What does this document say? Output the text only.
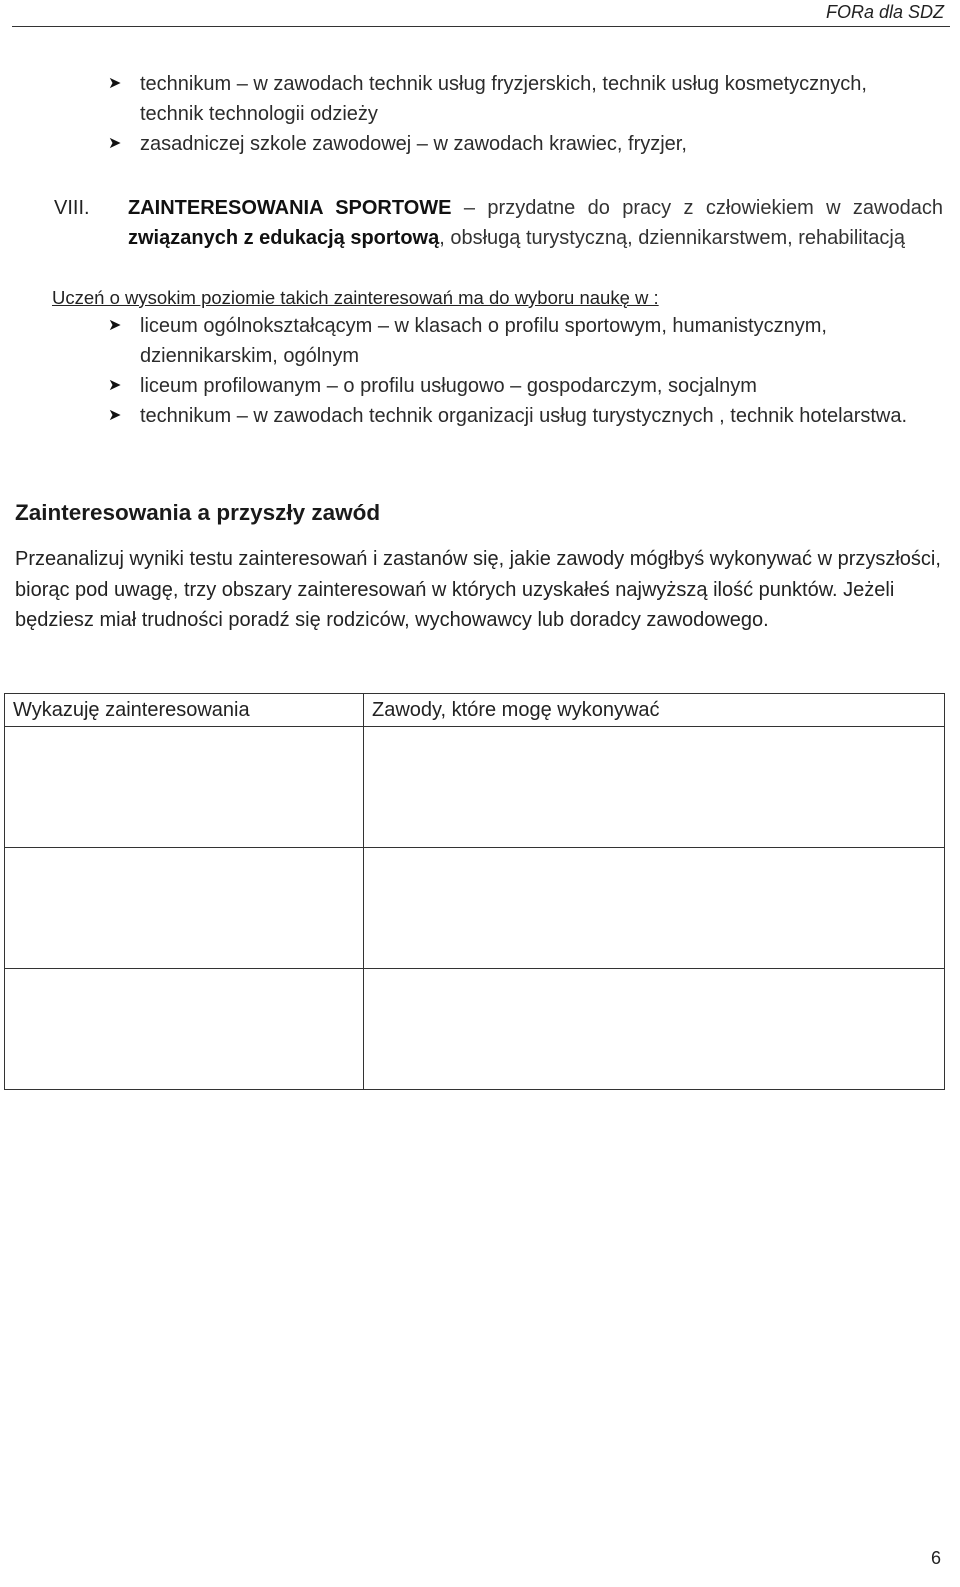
FORa dla SDZ
➤ technikum – w zawodach technik usług fryzjerskich, technik usług kosmetycznych, technik technologii odzieży
➤ zasadniczej szkole zawodowej – w zawodach krawiec, fryzjer,
VIII. ZAINTERESOWANIA SPORTOWE – przydatne do pracy z człowiekiem w zawodach związanych z edukacją sportową, obsługą turystyczną, dziennikarstwem, rehabilitacją
Uczeń o wysokim poziomie takich zainteresowań ma do wyboru naukę w :
➤ liceum ogólnokształcącym – w klasach o profilu sportowym, humanistycznym, dziennikarskim, ogólnym
➤ liceum profilowanym – o profilu usługowo – gospodarczym, socjalnym
➤ technikum – w zawodach technik organizacji usług turystycznych , technik hotelarstwa.
Zainteresowania a przyszły zawód
Przeanalizuj wyniki testu zainteresowań i zastanów się, jakie zawody mógłbyś wykonywać w przyszłości, biorąc pod uwagę, trzy obszary zainteresowań w których uzyskałeś najwyższą ilość punktów. Jeżeli będziesz miał trudności poradź się rodziców, wychowawcy lub doradcy zawodowego.
Wykazuję zainteresowania	Zawody, które mogę wykonywać

6
